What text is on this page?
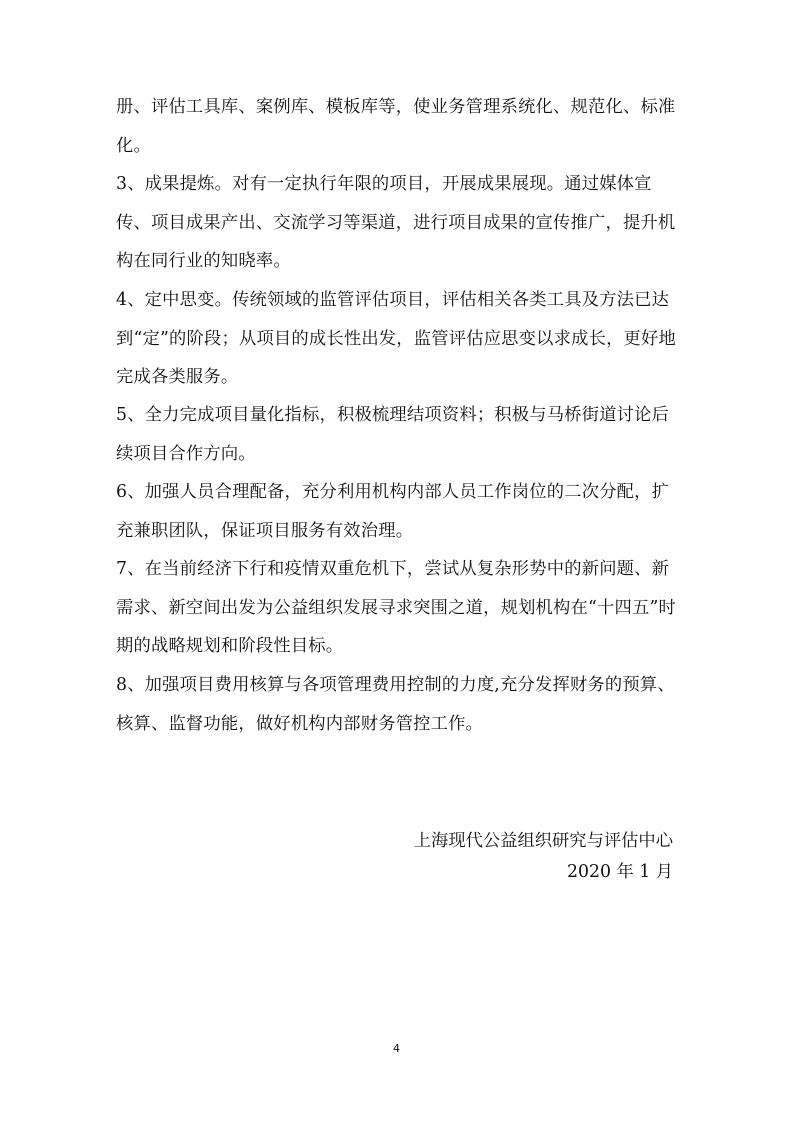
册、评估工具库、案例库、模板库等，使业务管理系统化、规范化、标准化。

3、成果提炼。对有一定执行年限的项目，开展成果展现。通过媒体宣传、项目成果产出、交流学习等渠道，进行项目成果的宣传推广，提升机构在同行业的知晓率。

4、定中思变。传统领域的监管评估项目，评估相关各类工具及方法已达到“定”的阶段；从项目的成长性出发，监管评估应思变以求成长，更好地完成各类服务。

5、全力完成项目量化指标，积极梳理结项资料；积极与马桥街道讨论后续项目合作方向。

6、加强人员合理配备，充分利用机构内部人员工作岗位的二次分配，扩充兼职团队，保证项目服务有效治理。

7、在当前经济下行和疫情双重危机下，尝试从复杂形势中的新问题、新需求、新空间出发为公益组织发展寻求突围之道，规划机构在“十四五”时期的战略规划和阶段性目标。

8、加强项目费用核算与各项管理费用控制的力度,充分发挥财务的预算、核算、监督功能，做好机构内部财务管控工作。

上海现代公益组织研究与评估中心
2020 年 1 月
4
